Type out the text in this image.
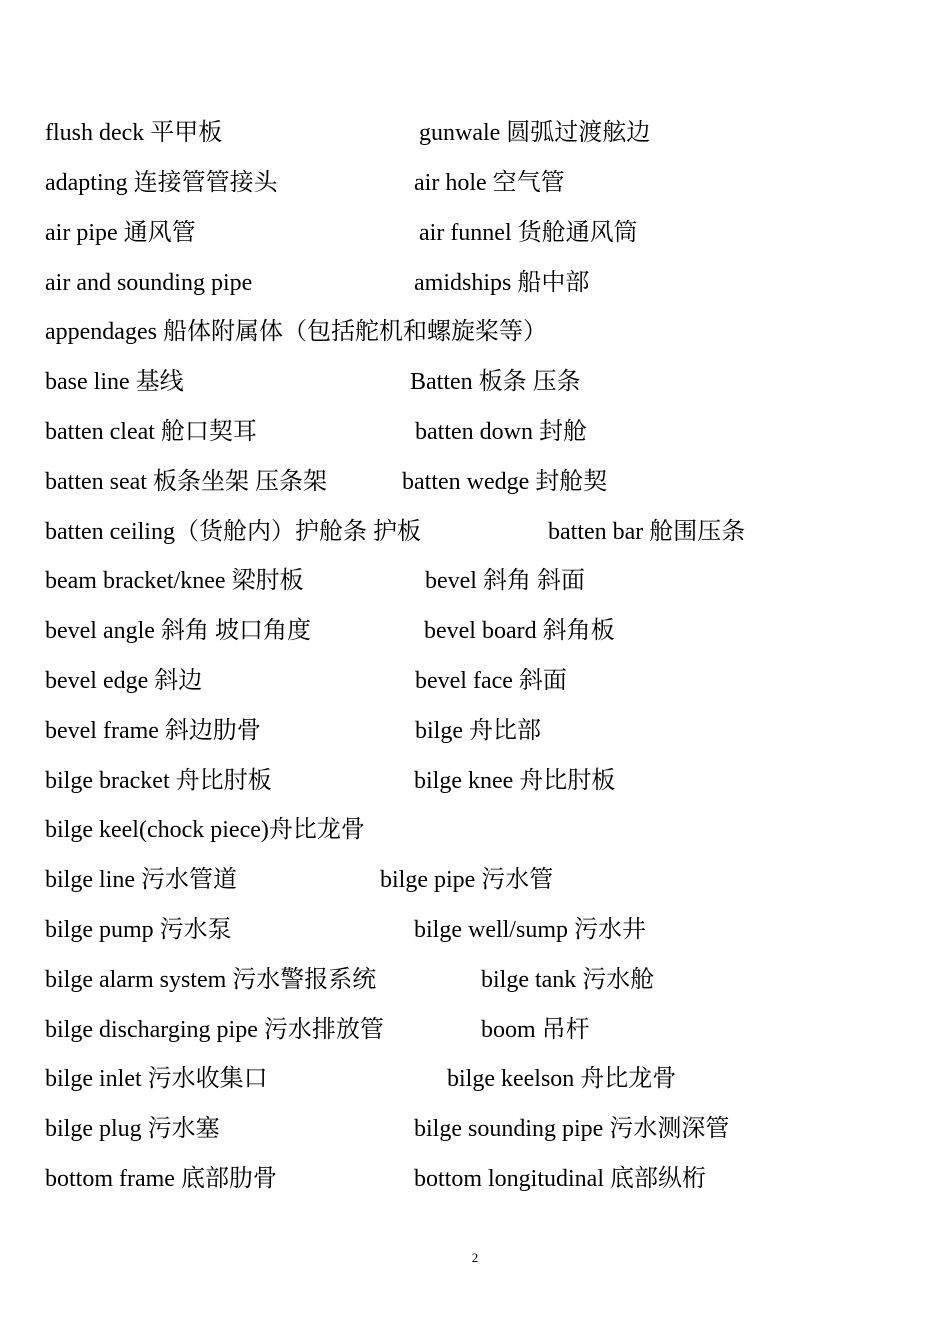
flush deck 平甲板	gunwale 圆弧过渡舷边
adapting 连接管管接头	air hole 空气管
air pipe 通风管	air funnel 货舱通风筒
air and sounding pipe	amidships 船中部
appendages 船体附属体（包括舵机和螺旋桨等）
base line 基线	Batten 板条 压条
batten cleat 舱口契耳	batten down 封舱
batten seat 板条坐架 压条架	batten wedge 封舱契
batten ceiling（货舱内）护舱条 护板	batten bar 舱围压条
beam bracket/knee 梁肘板	bevel 斜角 斜面
bevel angle 斜角 坡口角度	bevel board 斜角板
bevel edge 斜边	bevel face 斜面
bevel frame 斜边肋骨	bilge 舟比部
bilge bracket 舟比肘板	bilge knee 舟比肘板
bilge keel(chock piece)舟比龙骨
bilge line 污水管道	bilge pipe 污水管
bilge pump 污水泵	bilge well/sump 污水井
bilge alarm system 污水警报系统	bilge tank 污水舱
bilge discharging pipe 污水排放管	boom 吊杆
bilge inlet 污水收集口	bilge keelson 舟比龙骨
bilge plug 污水塞	bilge sounding pipe 污水测深管
bottom frame 底部肋骨	bottom longitudinal 底部纵桁
2
